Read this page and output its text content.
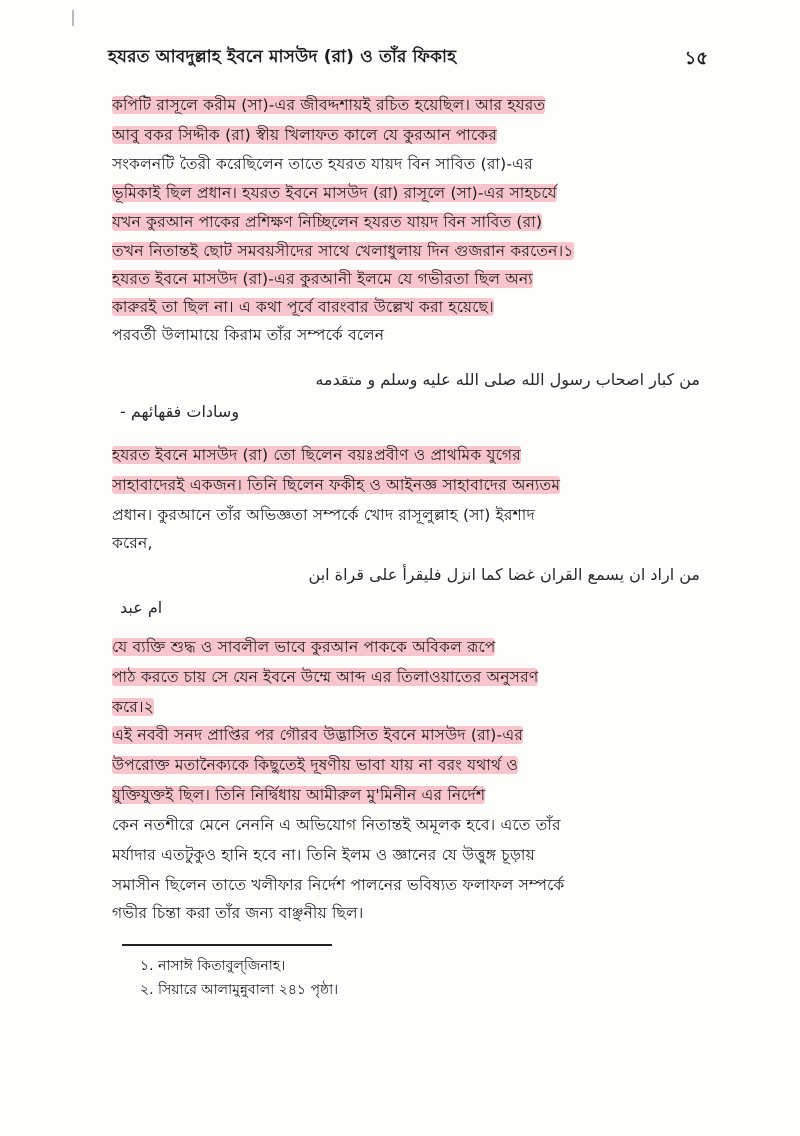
হযরত আবদুল্লাহ ইবনে মাসউদ (রা) ও তাঁর ফিকাহ	১৫
কপিটি রাসূলে করীম (সা)-এর জীবদ্দশায়ই রচিত হয়েছিল। আর হযরত
আবু বকর সিদ্দীক (রা) স্বীয় খিলাফত কালে যে কুরআন পাকের
সংকলনটি তৈরী করেছিলেন তাতে হযরত যায়দ বিন সাবিত (রা)-এর
ভূমিকাই ছিল প্রধান। হযরত ইবনে মাসউদ (রা) রাসূলে (সা)-এর সাহচর্যে
যখন কুরআন পাকের প্রশিক্ষণ নিচ্ছিলেন হযরত যায়দ বিন সাবিত (রা)
তখন নিতান্তই ছোট সমবয়সীদের সাথে খেলাধুলায় দিন গুজরান করতেন।১
হযরত ইবনে মাসউদ (রা)-এর কুরআনী ইলমে যে গভীরতা ছিল অন্য
কারুরই তা ছিল না। এ কথা পূর্বে বারংবার উল্লেখ করা হয়েছে।
পরবর্তী উলামায়ে কিরাম তাঁর সম্পর্কে বলেন
من كبار اصحاب رسول الله صلى الله عليه وسلم و متقدمه
وسادات فقهائهم -
হযরত ইবনে মাসউদ (রা) তো ছিলেন বয়ঃপ্রবীণ ও প্রাথমিক যুগের
সাহাবাদেরই একজন। তিনি ছিলেন ফকীহ ও আইনজ্ঞ সাহাবাদের অন্যতম
প্রধান। কুরআনে তাঁর অভিজ্ঞতা সম্পর্কে খোদ রাসূলুল্লাহ (সা) ইরশাদ
করেন,
من اراد ان يسمع القران غضا كما انزل فليقرأ على قراة ابن
ام عبد
যে ব্যক্তি শুদ্ধ ও সাবলীল ভাবে কুরআন পাককে অবিকল রূপে
পাঠ করতে চায় সে যেন ইবনে উম্মে আব্দ এর তিলাওয়াতের অনুসরণ
করে।২
এই নববী সনদ প্রাপ্তির পর গৌরব উদ্ভাসিত ইবনে মাসউদ (রা)-এর
উপরোক্ত মতানৈক্যকে কিছুতেই দূষণীয় ভাবা যায় না বরং যথার্থ ও
যুক্তিযুক্তই ছিল। তিনি নির্দ্বিধায় আমীরুল মু'মিনীন এর নির্দেশ
কেন নতশীরে মেনে নেননি এ অভিযোগ নিতান্তই অমূলক হবে। এতে তাঁর
মর্যাদার এতটুকুও হানি হবে না। তিনি ইলম ও জ্ঞানের যে উত্তুঙ্গ চূড়ায়
সমাসীন ছিলেন তাতে খলীফার নির্দেশ পালনের ভবিষ্যত ফলাফল সম্পর্কে
গভীর চিন্তা করা তাঁর জন্য বাঞ্ছনীয় ছিল।
১. নাসাঈ কিতাবুল্‌জিনাহ।
২. সিয়ারে আলামুন্নুবালা ২৪১ পৃষ্ঠা।
